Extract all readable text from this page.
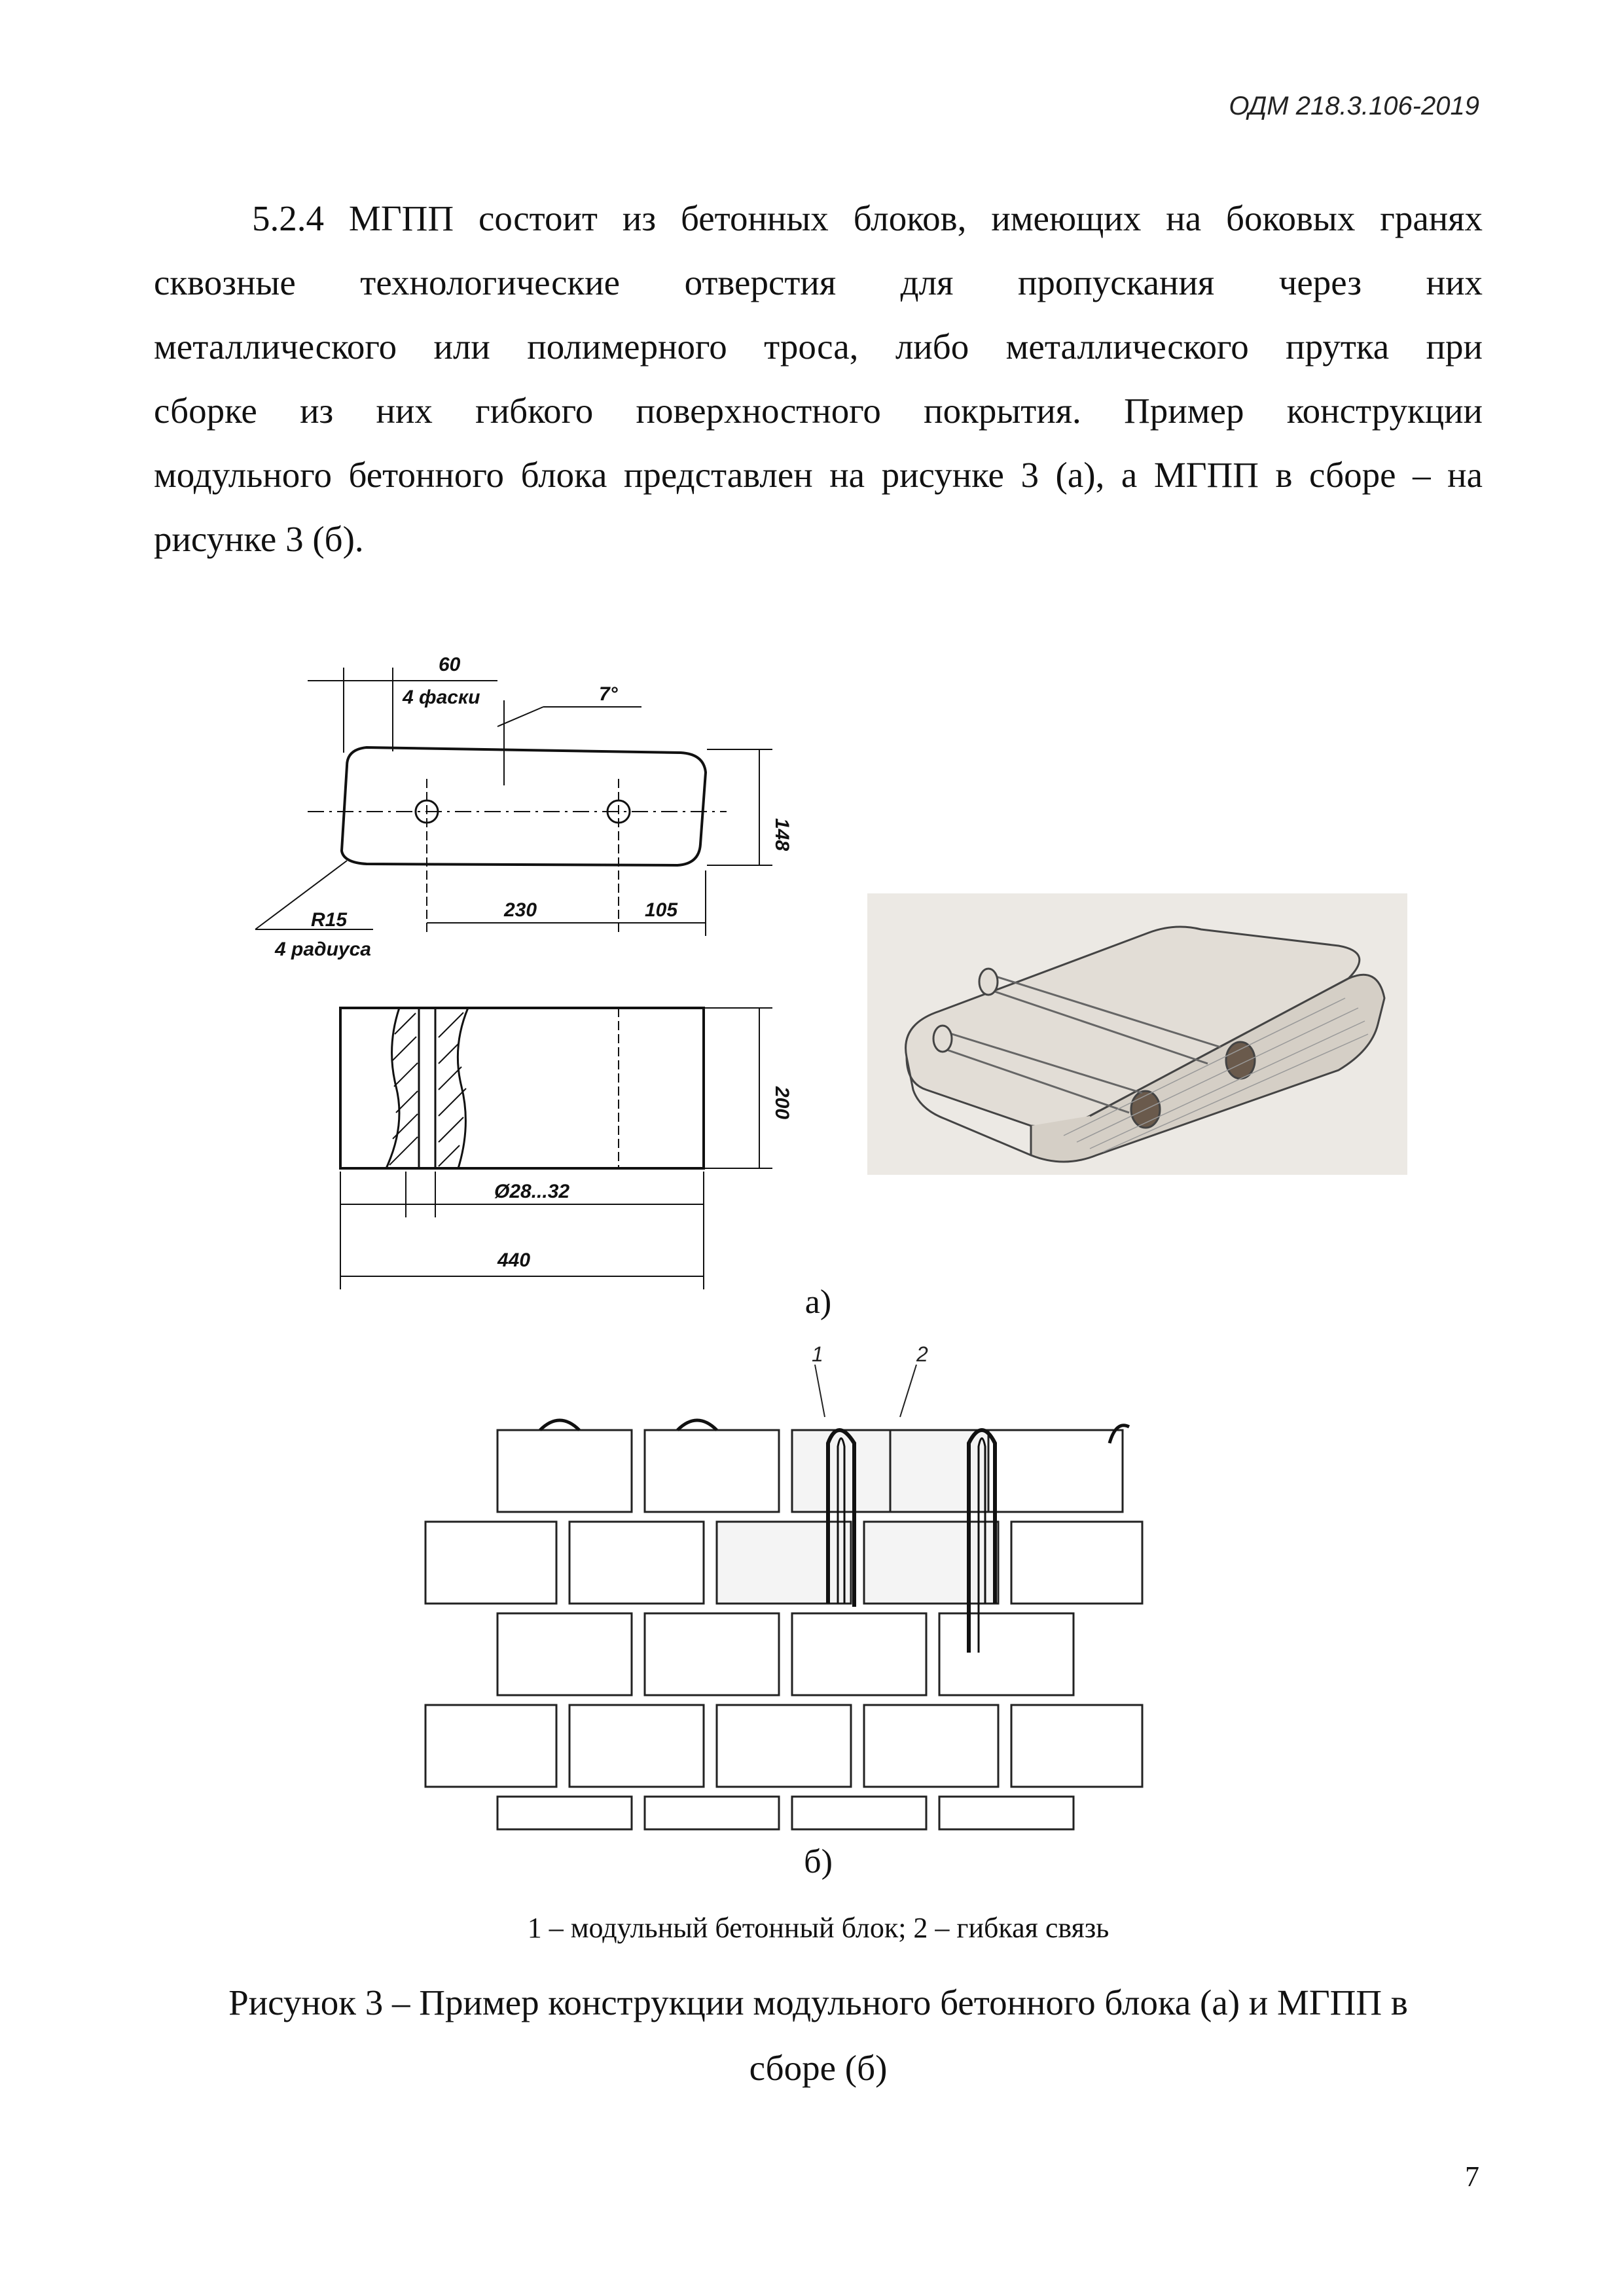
ОДМ 218.3.106-2019
5.2.4 МГПП состоит из бетонных блоков, имеющих на боковых гранях
сквозные технологические отверстия для пропускания через них
металлического или полимерного троса, либо металлического прутка при
сборке из них гибкого поверхностного покрытия. Пример конструкции
модульного бетонного блока представлен на рисунке 3 (а), а МГПП в сборе – на
рисунке 3 (б).
60
4 фаски	7°
148
R15
4 радиуса
230	105
200
Ø28...32
440
а)
1	2
б)
1 – модульный бетонный блок; 2 – гибкая связь
Рисунок 3 – Пример конструкции модульного бетонного блока (а) и МГПП в
сборе (б)
7
